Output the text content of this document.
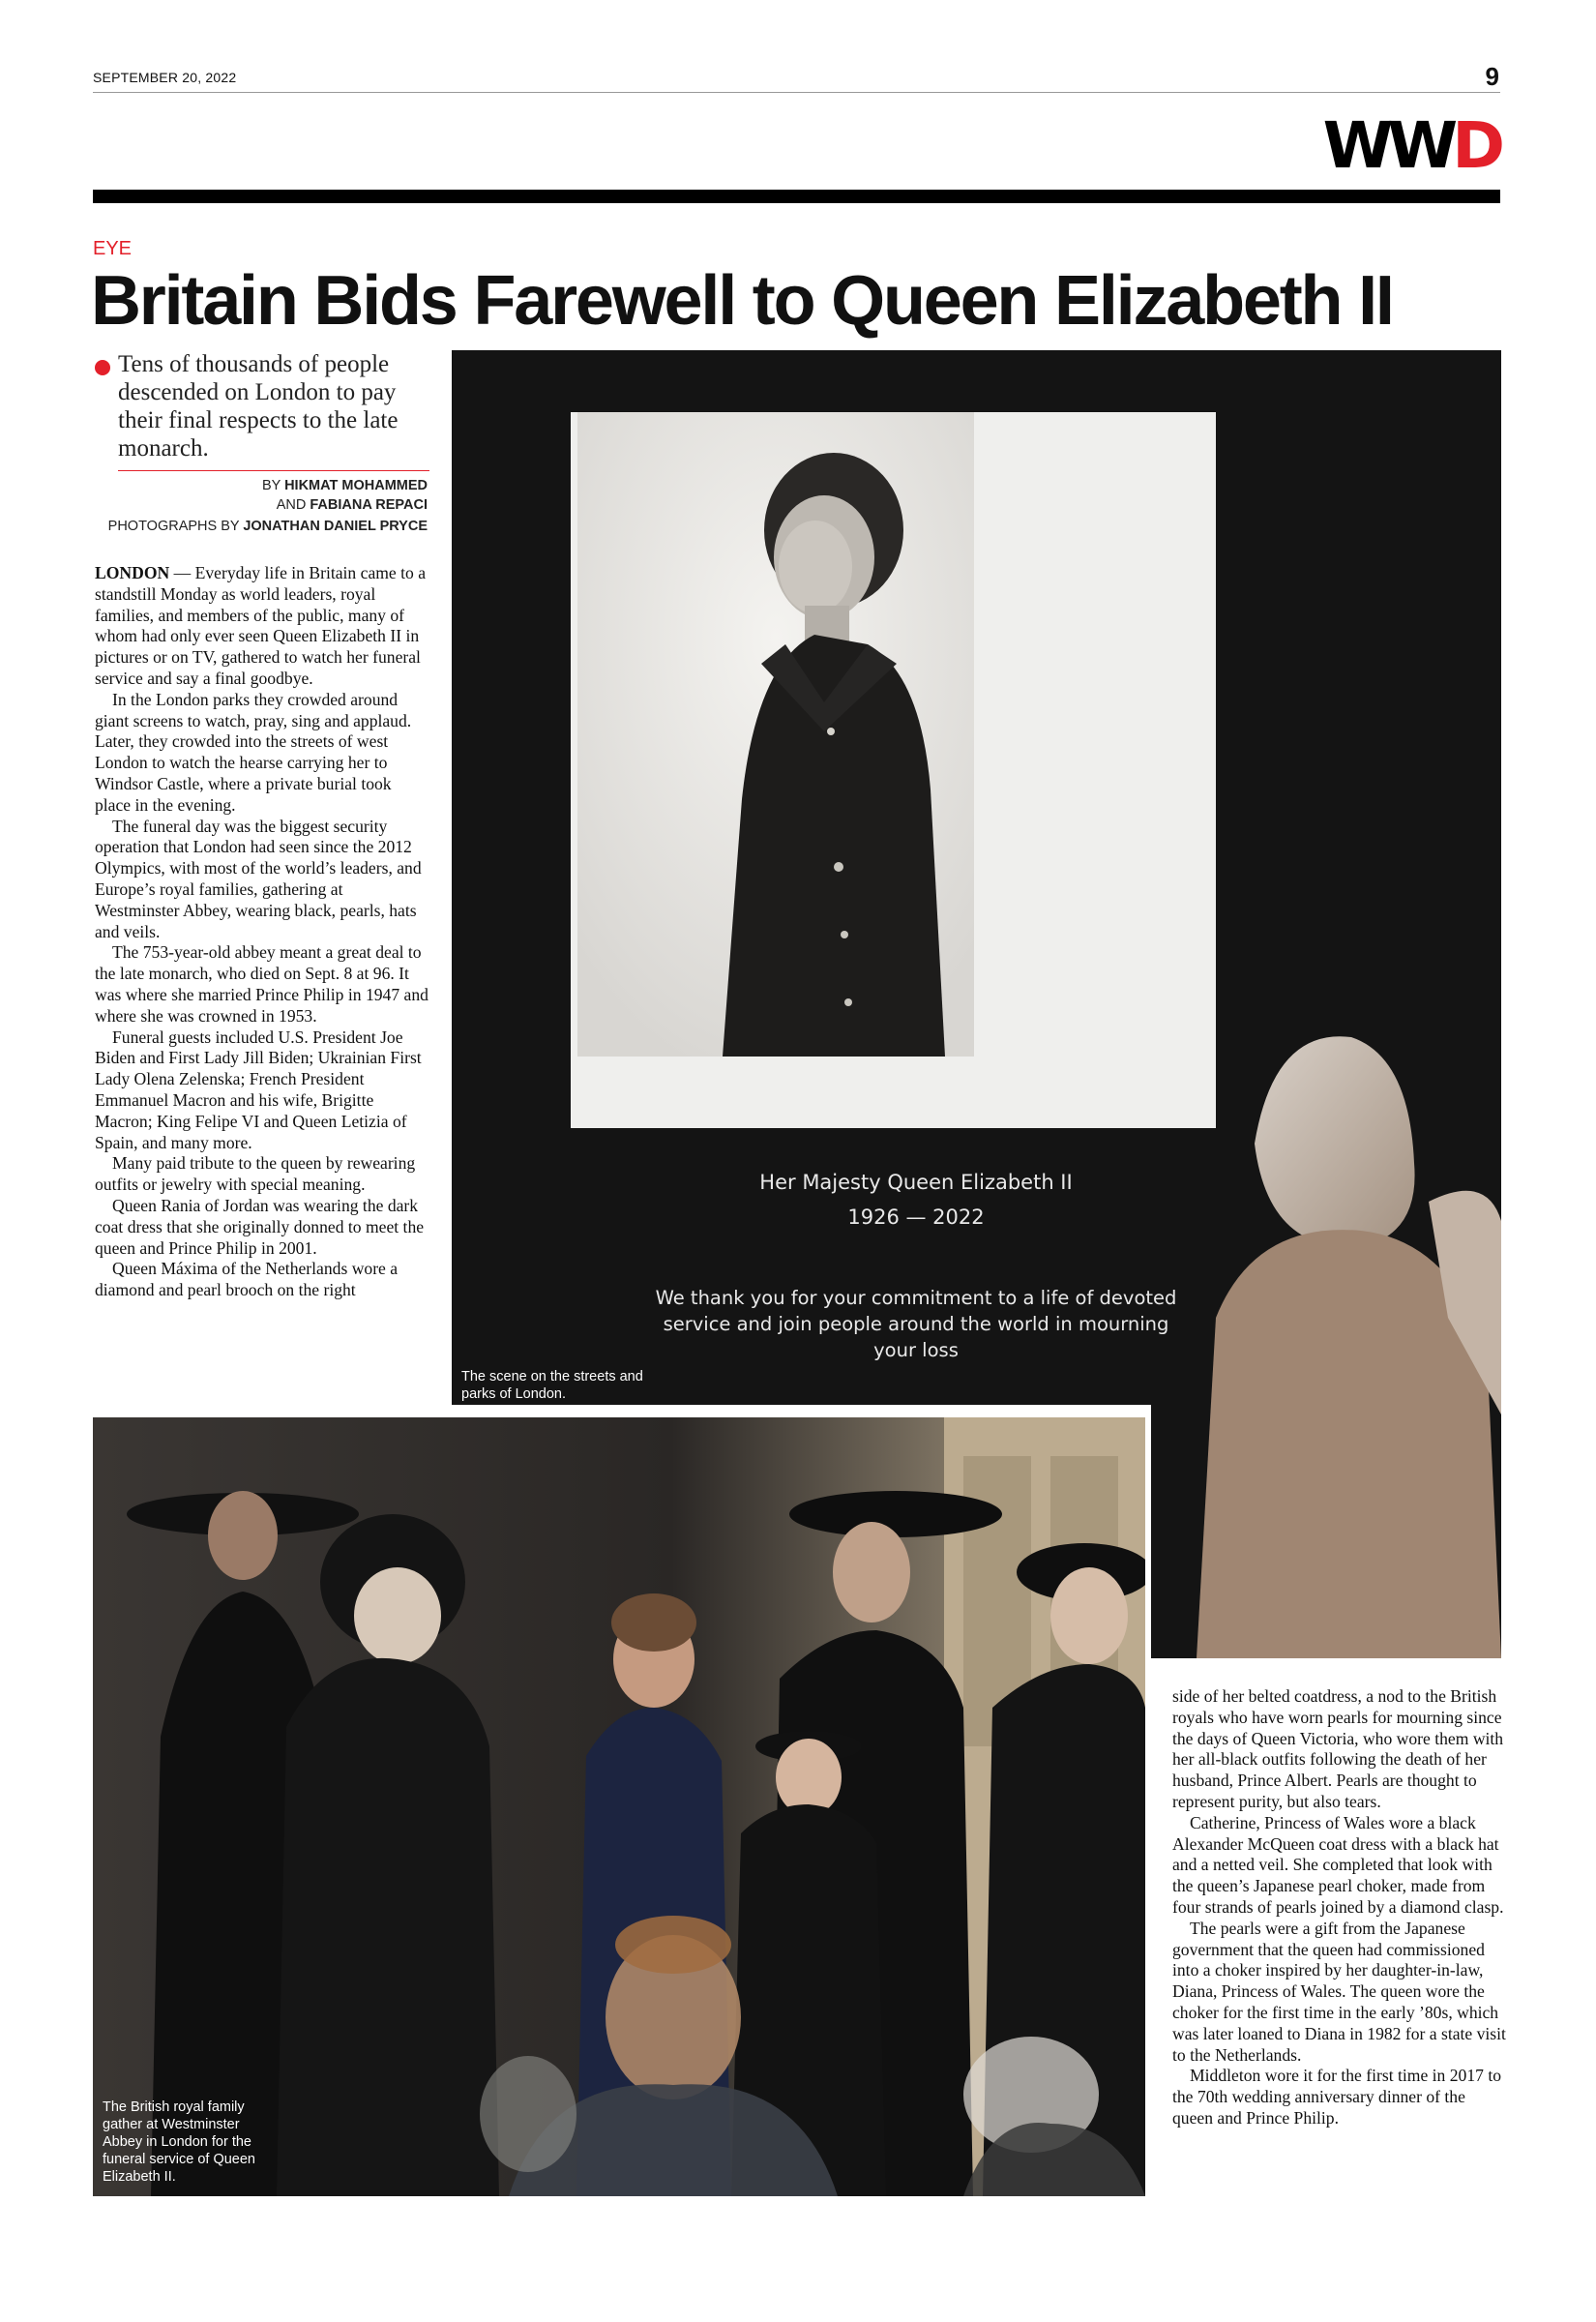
SEPTEMBER 20, 2022	9
WWD
EYE
Britain Bids Farewell to Queen Elizabeth II
Tens of thousands of people descended on London to pay their final respects to the late monarch.
BY HIKMAT MOHAMMED
AND FABIANA REPACI
PHOTOGRAPHS BY JONATHAN DANIEL PRYCE

LONDON — Everyday life in Britain came to a standstill Monday as world leaders, royal families, and members of the public, many of whom had only ever seen Queen Elizabeth II in pictures or on TV, gathered to watch her funeral service and say a final goodbye.

In the London parks they crowded around giant screens to watch, pray, sing and applaud. Later, they crowded into the streets of west London to watch the hearse carrying her to Windsor Castle, where a private burial took place in the evening.

The funeral day was the biggest security operation that London had seen since the 2012 Olympics, with most of the world’s leaders, and Europe’s royal families, gathering at Westminster Abbey, wearing black, pearls, hats and veils.

The 753-year-old abbey meant a great deal to the late monarch, who died on Sept. 8 at 96. It was where she married Prince Philip in 1947 and where she was crowned in 1953.

Funeral guests included U.S. President Joe Biden and First Lady Jill Biden; Ukrainian First Lady Olena Zelenska; French President Emmanuel Macron and his wife, Brigitte Macron; King Felipe VI and Queen Letizia of Spain, and many more.

Many paid tribute to the queen by rewearing outfits or jewelry with special meaning.

Queen Rania of Jordan was wearing the dark coat dress that she originally donned to meet the queen and Prince Philip in 2001.

Queen Máxima of the Netherlands wore a diamond and pearl brooch on the right

Her Majesty Queen Elizabeth II
1926 — 2022
We thank you for your commitment to a life of devoted service and join people around the world in mourning your loss
The scene on the streets and parks of London.
The British royal family gather at Westminster Abbey in London for the funeral service of Queen Elizabeth II.

side of her belted coatdress, a nod to the British royals who have worn pearls for mourning since the days of Queen Victoria, who wore them with her all-black outfits following the death of her husband, Prince Albert. Pearls are thought to represent purity, but also tears.

Catherine, Princess of Wales wore a black Alexander McQueen coat dress with a black hat and a netted veil. She completed that look with the queen’s Japanese pearl choker, made from four strands of pearls joined by a diamond clasp.

The pearls were a gift from the Japanese government that the queen had commissioned into a choker inspired by her daughter-in-law, Diana, Princess of Wales. The queen wore the choker for the first time in the early ’80s, which was later loaned to Diana in 1982 for a state visit to the Netherlands.

Middleton wore it for the first time in 2017 to the 70th wedding anniversary dinner of the queen and Prince Philip.
